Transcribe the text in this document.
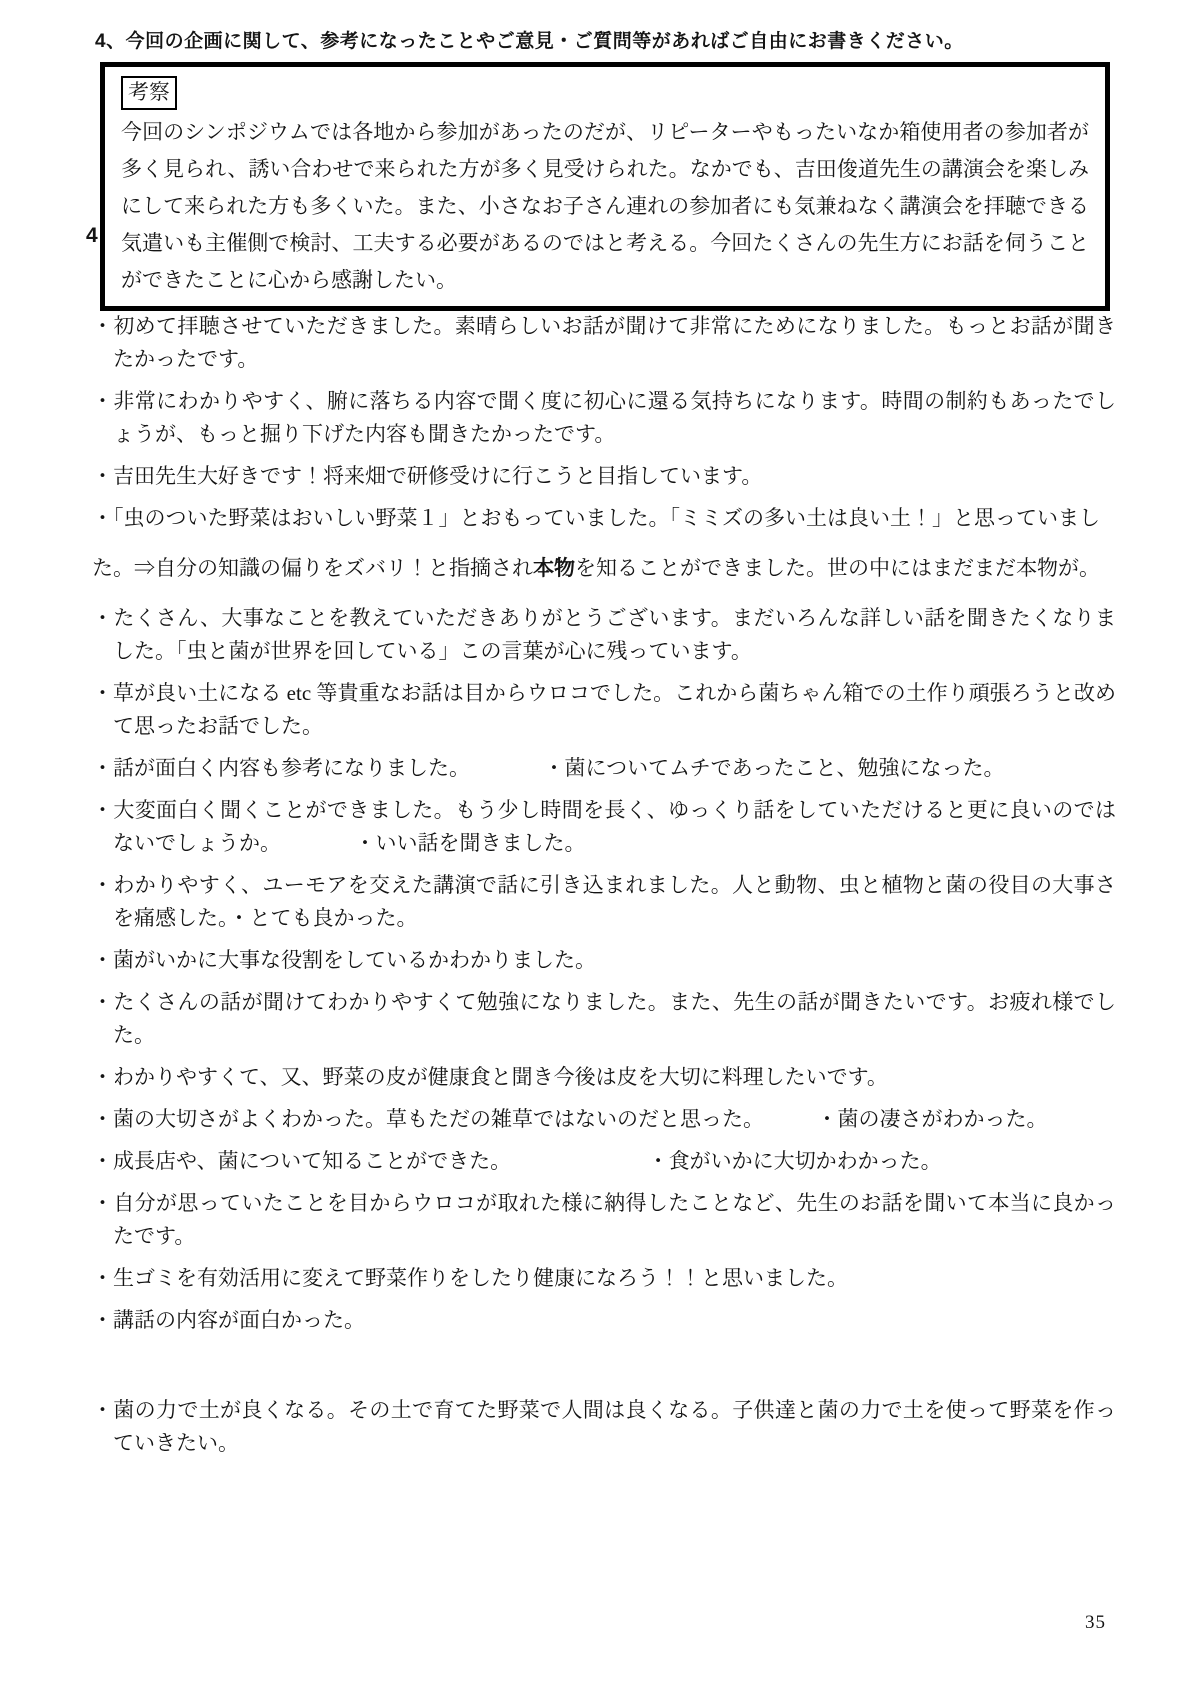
4、今回の企画に関して、参考になったことやご意見・ご質問等があればご自由にお書きください。
4
考察
今回のシンポジウムでは各地から参加があったのだが、リピーターやもったいなか箱使用者の参加者が多く見られ、誘い合わせで来られた方が多く見受けられた。なかでも、吉田俊道先生の講演会を楽しみにして来られた方も多くいた。また、小さなお子さん連れの参加者にも気兼ねなく講演会を拝聴できる気遣いも主催側で検討、工夫する必要があるのではと考える。今回たくさんの先生方にお話を伺うことができたことに心から感謝したい。

・初めて拝聴させていただきました。素晴らしいお話が聞けて非常にためになりました。もっとお話が聞きたかったです。

・非常にわかりやすく、腑に落ちる内容で聞く度に初心に還る気持ちになります。時間の制約もあったでしょうが、もっと掘り下げた内容も聞きたかったです。

・吉田先生大好きです！将来畑で研修受けに行こうと目指しています。

・「虫のついた野菜はおいしい野菜１」とおもっていました。「ミミズの多い土は良い土！」と思っていまし

た。⇒自分の知識の偏りをズバリ！と指摘され本物を知ることができました。世の中にはまだまだ本物が。

・たくさん、大事なことを教えていただきありがとうございます。まだいろんな詳しい話を聞きたくなりました。「虫と菌が世界を回している」この言葉が心に残っています。

・草が良い土になる etc 等貴重なお話は目からウロコでした。これから菌ちゃん箱での土作り頑張ろうと改めて思ったお話でした。

・話が面白く内容も参考になりました。　　　　・菌についてムチであったこと、勉強になった。

・大変面白く聞くことができました。もう少し時間を長く、ゆっくり話をしていただけると更に良いのではないでしょうか。　　　　・いい話を聞きました。

・わかりやすく、ユーモアを交えた講演で話に引き込まれました。人と動物、虫と植物と菌の役目の大事さを痛感した。・とても良かった。

・菌がいかに大事な役割をしているかわかりました。

・たくさんの話が聞けてわかりやすくて勉強になりました。また、先生の話が聞きたいです。お疲れ様でした。

・わかりやすくて、又、野菜の皮が健康食と聞き今後は皮を大切に料理したいです。

・菌の大切さがよくわかった。草もただの雑草ではないのだと思った。　　　・菌の凄さがわかった。

・成長店や、菌について知ることができた。　　　　　　　・食がいかに大切かわかった。

・自分が思っていたことを目からウロコが取れた様に納得したことなど、先生のお話を聞いて本当に良かったです。

・生ゴミを有効活用に変えて野菜作りをしたり健康になろう！！と思いました。

・講話の内容が面白かった。

・菌の力で土が良くなる。その土で育てた野菜で人間は良くなる。子供達と菌の力で土を使って野菜を作っていきたい。

35
